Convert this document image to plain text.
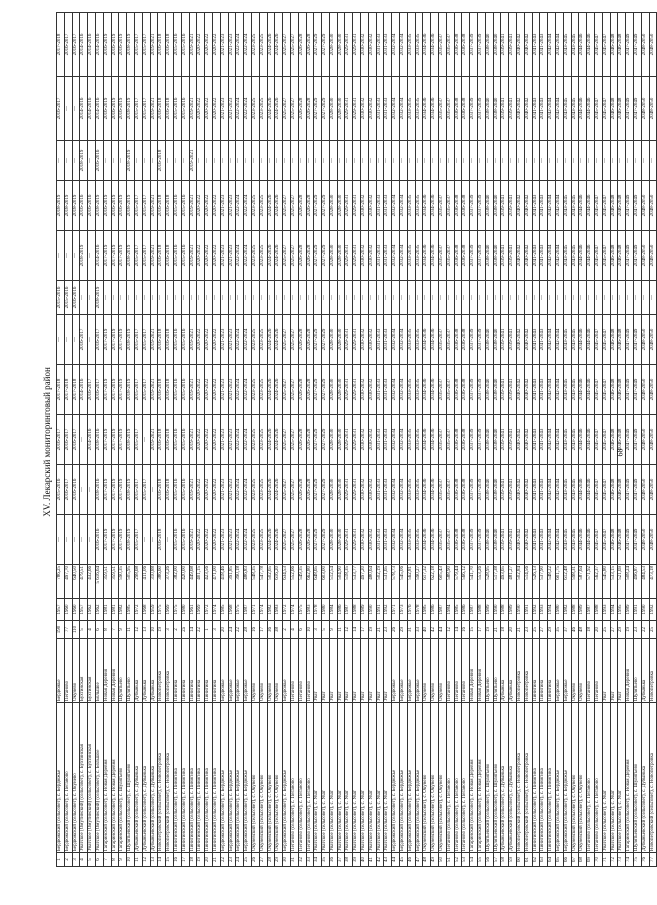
XV. Лекарский мониторинговый район
1	Бердюжский (сельсовет), с. Бердюжье	Бердюжье	190	1957	786,25	—	2015-2016	2016-2017	2017-2018	—	2015-2016	—	2018-2019	—	2016-2017	2017-2018
2	Бердюжский (сельсовет), с. Пеганово	Пеганово	77	1960	497,70	—	2016-2017	2016-2017	2017-2018	—	2015-2016	—	2018-2019	—	—	2016-2017
3	Бердюжский (сельсовет), с. Окунево	Окунево	110	1960	640,50	—	2016-2016	2016-2017	2017-2018	—	2016-2016	—	2018-2019	—	—	2016-2017
4	Уватское (Омутинский) (сельсовет), с. Бухтинская	Бухтинская	5	1957	479,51	—	—	—	2014-2016	2016-2017	—	2018-2019	2016-2016	2018-2019	2014-2016	2014-2016
5	Уватское (Омутинский) (сельсовет), с. Бухтинская	Бухтинская	4	1962	432,66	—	—	2014-2016	2016-2017	—	—	—	2016-2016	—	2014-2016	2014-2016
6	Уватское (Омутинский) (сельсовет), с. Большое	Большое	6	1962	5 616,64	2016-2016	2018-2016	2018-2016	2016-2017	2016-2017	2018-2019	2014-2016	2018-2019	2016-2016	2014-2016	2014-2016
7	Гагаринский (сельсовет), с. Новая Деревня	Новая Деревня	8	1981	359,51	2017-2019	2017-2019	2017-2019	2017-2019	2017-2019	—	2017-2019	2016-2019	—	2016-2019	2016-2019
8	Гагаринский (сельсовет), с. Новая Деревня	Новая Деревня	7	1981	359,51	2017-2019	2017-2019	2017-2019	2017-2019	2017-2019	—	2017-2019	2016-2019	—	2016-2019	2016-2019
9	Гагаринский (сельсовет), с. Шулятьево	Шулятьево	9	1982	590,35	2017-2019	2017-2019	2017-2019	2017-2019	2017-2019	—	2017-2019	2016-2019	—	2016-2019	2016-2019
10	Шулятьевский (сельсовет), с. Шулятьево	Шулятьево	11	1985	505,95	2018-2019	2018-2019	2018-2019	2018-2019	2018-2019	—	2018-2019	2018-2019	2018-2019	2018-2019	2018-2019
11	Дубыньевский (сельсовет), с. Дубынька	Дубынька	12	1972	298,68	2015-2017	2015-2017	2015-2017	2015-2017	2015-2017	—	2015-2017	2015-2017	—	2015-2017	2015-2017
12	Дубыньевский (сельсовет), с. Дубынька	Дубынька	13	1968	411,06	—	2015-2017	—	2015-2017	2015-2017	—	2015-2017	2015-2017	—	2015-2017	2015-2017
13	Дубыньевский (сельсовет), с. Дубынька	Дубынька	10	1959	310,88	—	—	2019-2021	2019-2021	2019-2021	—	2019-2021	2019-2021	—	2019-2021	2019-2021
14	Новопетровский (сельсовет), с. Новопетровка	Новопетровка	19	1975	386,60	2016-2018	2016-2018	2016-2018	2016-2018	2016-2018	—	2016-2018	2016-2018	2016-2018	2016-2018	2016-2018
15	Новопетровский (сельсовет), с. Новопетровка	Новопетровка	3	1969	373,26	—	2016-2018	2016-2018	2016-2018	2016-2018	—	2016-2018	2016-2018	—	2016-2018	2016-2018
16	Пинигинский (сельсовет), с. Пинигина	Пинигина	2	1975	382,00	2015-2016	2015-2016	2015-2016	2015-2016	2015-2016	—	2015-2016	2015-2016	—	2015-2016	2015-2016
17	Пинигинский (сельсовет), с. Пинигина	Пинигина	2а	1980	420,00	2015-2016	2015-2016	2015-2016	2015-2016	2015-2016	—	2015-2016	2015-2016	—	2015-2016	2015-2016
18	Пинигинский (сельсовет), с. Пинигина	Пинигина	14	1961	449,68	2019-2021	2019-2021	2019-2021	2019-2021	2019-2021	—	2019-2021	2019-2021	2019-2021	2019-2021	2019-2021
19	Пинигинский (сельсовет), с. Пинигина	Пинигина	22	1969	401,15	2020-2022	2020-2022	2020-2022	2020-2022	2020-2022	—	2020-2022	2020-2022	—	2020-2022	2020-2022
20	Пинигинский (сельсовет), с. Пинигина	Пинигина	1	1972	423,56	2020-2022	2020-2022	2020-2022	2020-2022	2020-2022	—	2020-2022	2020-2022	—	2020-2022	2020-2022
21	Пинигинский (сельсовет), с. Пинигина	Пинигина	3	1974	471,00	2020-2022	2020-2022	2020-2022	2020-2022	2020-2022	—	2020-2022	2020-2022	—	2020-2022	2020-2022
22	Бердюжский (сельсовет), с. Бердюжье	Бердюжье	20	1985	418,46	2021-2023	2021-2023	2021-2023	2021-2023	2021-2023	—	2021-2023	2021-2023	—	2021-2023	2021-2023
23	Бердюжский (сельсовет), с. Бердюжье	Бердюжье	24	1968	391,85	2021-2023	2021-2023	2021-2023	2021-2023	2021-2023	—	2021-2023	2021-2023	—	2021-2023	2021-2023
24	Бердюжский (сельсовет), с. Бердюжье	Бердюжье	22	1975	390,18	2022-2024	2022-2024	2022-2024	2022-2024	2022-2024	—	2022-2024	2022-2024	—	2022-2024	2022-2024
25	Бердюжский (сельсовет), с. Бердюжье	Бердюжье	28	1987	486,83	2022-2024	2022-2024	2022-2024	2022-2024	2022-2024	—	2022-2024	2022-2024	—	2022-2024	2022-2024
26	Окуневский (сельсовет), с. Окунево	Окунево	16	1971	548,35	2023-2025	2023-2025	2023-2025	2023-2025	2023-2025	—	2023-2025	2023-2025	—	2023-2025	2023-2025
27	Окуневский (сельсовет), с. Окунево	Окунево	17	1974	547,78	2023-2025	2023-2025	2023-2025	2023-2025	2023-2025	—	2023-2025	2023-2025	—	2023-2025	2023-2025
28	Окуневский (сельсовет), с. Окунево	Окунево	36	1982	502,65	2024-2026	2024-2026	2024-2026	2024-2026	2024-2026	—	2024-2026	2024-2026	—	2024-2026	2024-2026
29	Окуневский (сельсовет), с. Окунево	Окунево	38	1983	616,20	2024-2026	2024-2026	2024-2026	2024-2026	2024-2026	—	2024-2026	2024-2026	—	2024-2026	2024-2026
30	Бердюжский (сельсовет), с. Бердюжье	Бердюжье	2	1972	634,53	2025-2027	2025-2027	2025-2027	2025-2027	2025-2027	—	2025-2027	2025-2027	—	2025-2027	2025-2027
31	Пеганово (сельсовет), с. Пеганово	Пеганово	4	1974	552,66	2025-2027	2025-2027	2025-2027	2025-2027	2025-2027	—	2025-2027	2025-2027	—	2025-2027	2025-2027
32	Пеганово (сельсовет), с. Пеганово	Пеганово	6	1975	549,35	2026-2028	2026-2028	2026-2028	2026-2028	2026-2028	—	2026-2028	2026-2028	—	2026-2028	2026-2028
33	Пеганово (сельсовет), с. Пеганово	Пеганово	10	1983	662,80	2026-2028	2026-2028	2026-2028	2026-2028	2026-2028	—	2026-2028	2026-2028	—	2026-2028	2026-2028
34	Уватское (сельсовет), с. Уват	Уват	3	1978	648,65	2027-2029	2027-2029	2027-2029	2027-2029	2027-2029	—	2027-2029	2027-2029	—	2027-2029	2027-2029
35	Уватское (сельсовет), с. Уват	Уват	5	1980	603,00	2027-2029	2027-2029	2027-2029	2027-2029	2027-2029	—	2027-2029	2027-2029	—	2027-2029	2027-2029
36	Уватское (сельсовет), с. Уват	Уват	9	1984	512,54	2028-2030	2028-2030	2028-2030	2028-2030	2028-2030	—	2028-2030	2028-2030	—	2028-2030	2028-2030
37	Уватское (сельсовет), с. Уват	Уват	11	1986	504,90	2028-2030	2028-2030	2028-2030	2028-2030	2028-2030	—	2028-2030	2028-2030	—	2028-2030	2028-2030
38	Уватское (сельсовет), с. Уват	Уват	12	1987	518,35	2029-2031	2029-2031	2029-2031	2029-2031	2029-2031	—	2029-2031	2029-2031	—	2029-2031	2029-2031
39	Уватское (сельсовет), с. Уват	Уват	14	1988	533,77	2029-2031	2029-2031	2029-2031	2029-2031	2029-2031	—	2029-2031	2029-2031	—	2029-2031	2029-2031
40	Уватское (сельсовет), с. Уват	Уват	17	1989	497,20	2030-2032	2030-2032	2030-2032	2030-2032	2030-2032	—	2030-2032	2030-2032	—	2030-2032	2030-2032
41	Уватское (сельсовет), с. Уват	Уват	19	1990	480,64	2030-2032	2030-2032	2030-2032	2030-2032	2030-2032	—	2030-2032	2030-2032	—	2030-2032	2030-2032
42	Уватское (сельсовет), с. Уват	Уват	21	1991	502,19	2031-2033	2031-2033	2031-2033	2031-2033	2031-2033	—	2031-2033	2031-2033	—	2031-2033	2031-2033
43	Уватское (сельсовет), с. Уват	Уват	23	1992	531,65	2031-2033	2031-2033	2031-2033	2031-2033	2031-2033	—	2031-2033	2031-2033	—	2031-2033	2031-2033
44	Бердюжский (сельсовет), с. Бердюжье	Бердюжье	26	1971	578,73	2032-2034	2032-2034	2032-2034	2032-2034	2032-2034	—	2032-2034	2032-2034	—	2032-2034	2032-2034
45	Бердюжский (сельсовет), с. Бердюжье	Бердюжье	29	1973	545,06	2032-2034	2032-2034	2032-2034	2032-2034	2032-2034	—	2032-2034	2032-2034	—	2032-2034	2032-2034
46	Бердюжский (сельсовет), с. Бердюжье	Бердюжье	31	1976	562,81	2033-2035	2033-2035	2033-2035	2033-2035	2033-2035	—	2033-2035	2033-2035	—	2033-2035	2033-2035
47	Бердюжский (сельсовет), с. Бердюжье	Бердюжье	33	1978	590,27	2033-2035	2033-2035	2033-2035	2033-2035	2033-2035	—	2033-2035	2033-2035	—	2033-2035	2033-2035
48	Окуневский (сельсовет), с. Окунево	Окунево	40	1985	617,32	2034-2036	2034-2036	2034-2036	2034-2036	2034-2036	—	2034-2036	2034-2036	—	2034-2036	2034-2036
49	Окуневский (сельсовет), с. Окунево	Окунево	42	1986	622,18	2034-2036	2034-2036	2034-2036	2034-2036	2034-2036	—	2034-2036	2034-2036	—	2034-2036	2034-2036
50	Окуневский (сельсовет), с. Окунево	Окунево	44	1987	605,43	2035-2037	2035-2037	2035-2037	2035-2037	2035-2037	—	2035-2037	2035-2037	—	2035-2037	2035-2037
51	Пеганово (сельсовет), с. Пеганово	Пеганово	12	1984	588,90	2035-2037	2035-2037	2035-2037	2035-2037	2035-2037	—	2035-2037	2035-2037	—	2035-2037	2035-2037
52	Пеганово (сельсовет), с. Пеганово	Пеганово	14	1985	579,44	2036-2038	2036-2038	2036-2038	2036-2038	2036-2038	—	2036-2038	2036-2038	—	2036-2038	2036-2038
53	Пеганово (сельсовет), с. Пеганово	Пеганово	16	1986	566,12	2036-2038	2036-2038	2036-2038	2036-2038	2036-2038	—	2036-2038	2036-2038	—	2036-2038	2036-2038
54	Гагаринский (сельсовет), с. Новая Деревня	Новая Деревня	15	1987	541,70	2037-2039	2037-2039	2037-2039	2037-2039	2037-2039	—	2037-2039	2037-2039	—	2037-2039	2037-2039
55	Гагаринский (сельсовет), с. Новая Деревня	Новая Деревня	17	1988	553,26	2037-2039	2037-2039	2037-2039	2037-2039	2037-2039	—	2037-2039	2037-2039	—	2037-2039	2037-2039
56	Шулятьевский (сельсовет), с. Шулятьево	Шулятьево	19	1989	528,95	2038-2040	2038-2040	2038-2040	2038-2040	2038-2040	—	2038-2040	2038-2040	—	2038-2040	2038-2040
57	Шулятьевский (сельсовет), с. Шулятьево	Шулятьево	21	1990	517,38	2038-2040	2038-2040	2038-2040	2038-2040	2038-2040	—	2038-2040	2038-2040	—	2038-2040	2038-2040
58	Дубыньевский (сельсовет), с. Дубынька	Дубынька	18	1988	493,65	2039-2041	2039-2041	2039-2041	2039-2041	2039-2041	—	2039-2041	2039-2041	—	2039-2041	2039-2041
59	Дубыньевский (сельсовет), с. Дубынька	Дубынька	20	1989	481,27	2039-2041	2039-2041	2039-2041	2039-2041	2039-2041	—	2039-2041	2039-2041	—	2039-2041	2039-2041
60	Новопетровский (сельсовет), с. Новопетровка	Новопетровка	21	1990	502,84	2040-2042	2040-2042	2040-2042	2040-2042	2040-2042	—	2040-2042	2040-2042	—	2040-2042	2040-2042
61	Новопетровский (сельсовет), с. Новопетровка	Новопетровка	23	1991	514,56	2040-2042	2040-2042	2040-2042	2040-2042	2040-2042	—	2040-2042	2040-2042	—	2040-2042	2040-2042
62	Пинигинский (сельсовет), с. Пинигина	Пинигина	25	1992	526,13	2041-2043	2041-2043	2041-2043	2041-2043	2041-2043	—	2041-2043	2041-2043	—	2041-2043	2041-2043
63	Пинигинский (сельсовет), с. Пинигина	Пинигина	27	1993	537,90	2041-2043	2041-2043	2041-2043	2041-2043	2041-2043	—	2041-2043	2041-2043	—	2041-2043	2041-2043
64	Пинигинский (сельсовет), с. Пинигина	Пинигина	29	1994	548,22	2042-2044	2042-2044	2042-2044	2042-2044	2042-2044	—	2042-2044	2042-2044	—	2042-2044	2042-2044
65	Бердюжский (сельсовет), с. Бердюжье	Бердюжье	35	1980	601,75	2042-2044	2042-2044	2042-2044	2042-2044	2042-2044	—	2042-2044	2042-2044	—	2042-2044	2042-2044
66	Бердюжский (сельсовет), с. Бердюжье	Бердюжье	37	1982	612,48	2043-2045	2043-2045	2043-2045	2043-2045	2043-2045	—	2043-2045	2043-2045	—	2043-2045	2043-2045
67	Окуневский (сельсовет), с. Окунево	Окунево	46	1988	598,31	2043-2045	2043-2045	2043-2045	2043-2045	2043-2045	—	2043-2045	2043-2045	—	2043-2045	2043-2045
68	Окуневский (сельсовет), с. Окунево	Окунево	48	1989	587,64	2044-2046	2044-2046	2044-2046	2044-2046	2044-2046	—	2044-2046	2044-2046	—	2044-2046	2044-2046
69	Пеганово (сельсовет), с. Пеганово	Пеганово	18	1987	571,92	2044-2046	2044-2046	2044-2046	2044-2046	2044-2046	—	2044-2046	2044-2046	—	2044-2046	2044-2046
70	Пеганово (сельсовет), с. Пеганово	Пеганово	20	1988	562,37	2045-2047	2045-2047	2045-2047	2045-2047	2045-2047	—	2045-2047	2045-2047	—	2045-2047	2045-2047
71	Уватское (сельсовет), с. Уват	Уват	25	1993	545,80	2045-2047	2045-2047	2045-2047	2045-2047	2045-2047	—	2045-2047	2045-2047	—	2045-2047	2045-2047
72	Уватское (сельсовет), с. Уват	Уват	27	1994	533,15	2046-2048	2046-2048	2046-2048	2046-2048	2046-2048	—	2046-2048	2046-2048	—	2046-2048	2046-2048
73	Уватское (сельсовет), с. Уват	Уват	29	1995	521,69	2046-2048	2046-2048	2046-2048	2046-2048	2046-2048	—	2046-2048	2046-2048	—	2046-2048	2046-2048
74	Гагаринский (сельсовет), с. Новая Деревня	Новая Деревня	19	1989	508,24	2047-2049	2047-2049	2047-2049	2047-2049	2047-2049	—	2047-2049	2047-2049	—	2047-2049	2047-2049
75	Шулятьевский (сельсовет), с. Шулятьево	Шулятьево	23	1991	496,87	2047-2049	2047-2049	2047-2049	2047-2049	2047-2049	—	2047-2049	2047-2049	—	2047-2049	2047-2049
76	Дубыньевский (сельсовет), с. Дубынька	Дубынька	22	1990	484,53	2048-2050	2048-2050	2048-2050	2048-2050	2048-2050	—	2048-2050	2048-2050	—	2048-2050	2048-2050
77	Новопетровский (сельсовет), с. Новопетровка	Новопетровка	25	1992	473,18	2048-2050	2048-2050	2048-2050	2048-2050	2048-2050	—	2048-2050	2048-2050	—	2048-2050	2048-2050
68
